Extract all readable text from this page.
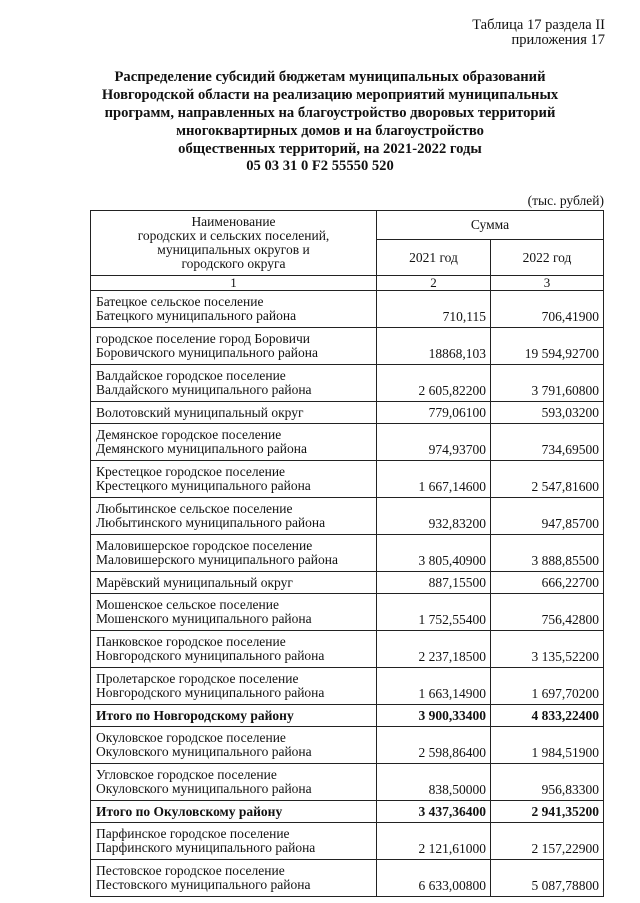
Таблица 17 раздела II
приложения 17
Распределение субсидий бюджетам муниципальных образований
Новгородской области на реализацию мероприятий муниципальных
программ, направленных на благоустройство дворовых территорий
многоквартирных домов и на благоустройство
общественных территорий, на 2021-2022 годы
05 03 31 0 F2 55550 520
(тыс. рублей)
Наименование
городских и сельских поселений,
муниципальных округов и
городского округа	Сумма	
	2021 год	2022 год
1	2	3

Батецкое сельское поселение
Батецкого муниципального района	710,115	706,41900

городское поселение город Боровичи
Боровичского муниципального района	18868,103	19 594,92700

Валдайское городское поселение
Валдайского муниципального района	2 605,82200	3 791,60800

Волотовский муниципальный округ	779,06100	593,03200

Демянское городское поселение
Демянского муниципального района	974,93700	734,69500

Крестецкое городское поселение
Крестецкого муниципального района	1 667,14600	2 547,81600

Любытинское сельское поселение
Любытинского муниципального района	932,83200	947,85700

Маловишерское городское поселение
Маловишерского муниципального района	3 805,40900	3 888,85500

Марёвский муниципальный округ	887,15500	666,22700

Мошенское сельское поселение
Мошенского муниципального района	1 752,55400	756,42800

Панковское городское поселение
Новгородского муниципального района	2 237,18500	3 135,52200

Пролетарское городское поселение
Новгородского муниципального района	1 663,14900	1 697,70200

Итого по Новгородскому району	3 900,33400	4 833,22400

Окуловское городское поселение
Окуловского муниципального района	2 598,86400	1 984,51900

Угловское городское поселение
Окуловского муниципального района	838,50000	956,83300

Итого по Окуловскому району	3 437,36400	2 941,35200

Парфинское городское поселение
Парфинского муниципального района	2 121,61000	2 157,22900

Пестовское городское поселение
Пестовского муниципального района	6 633,00800	5 087,78800
